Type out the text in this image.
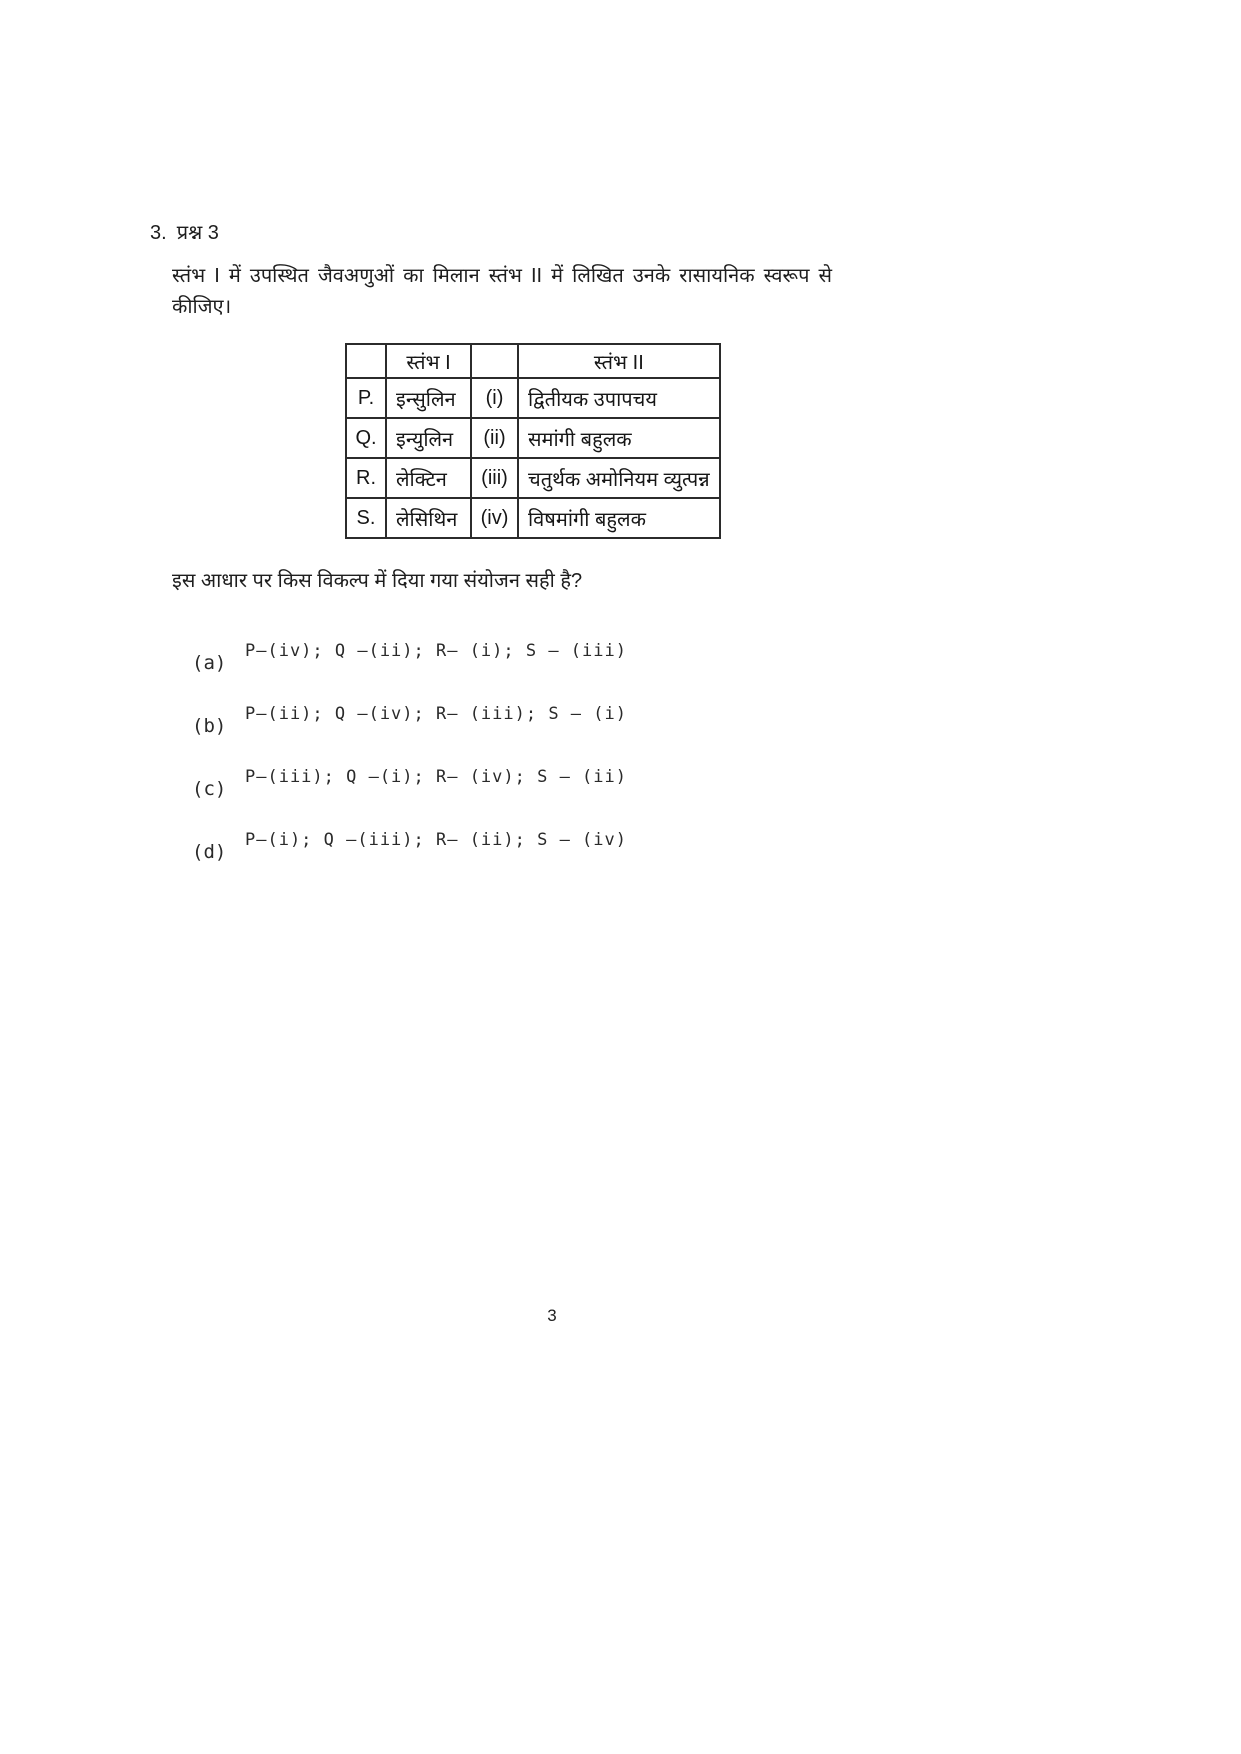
3. प्रश्न 3
स्तंभ I में उपस्थित जैवअणुओं का मिलान स्तंभ II में लिखित उनके रासायनिक स्वरूप से
कीजिए।
	स्तंभ I		स्तंभ II
P.	इन्सुलिन	(i)	द्वितीयक उपापचय
Q.	इन्युलिन	(ii)	समांगी बहुलक
R.	लेक्टिन	(iii)	चतुर्थक अमोनियम व्युत्पन्न
S.	लेसिथिन	(iv)	विषमांगी बहुलक
इस आधार पर किस विकल्प में दिया गया संयोजन सही है?
(a)
P–(iv); Q –(ii); R– (i); S – (iii)
(b)
P–(ii); Q –(iv); R– (iii); S – (i)
(c)
P–(iii); Q –(i); R– (iv); S – (ii)
(d)
P–(i); Q –(iii); R– (ii); S – (iv)
3
